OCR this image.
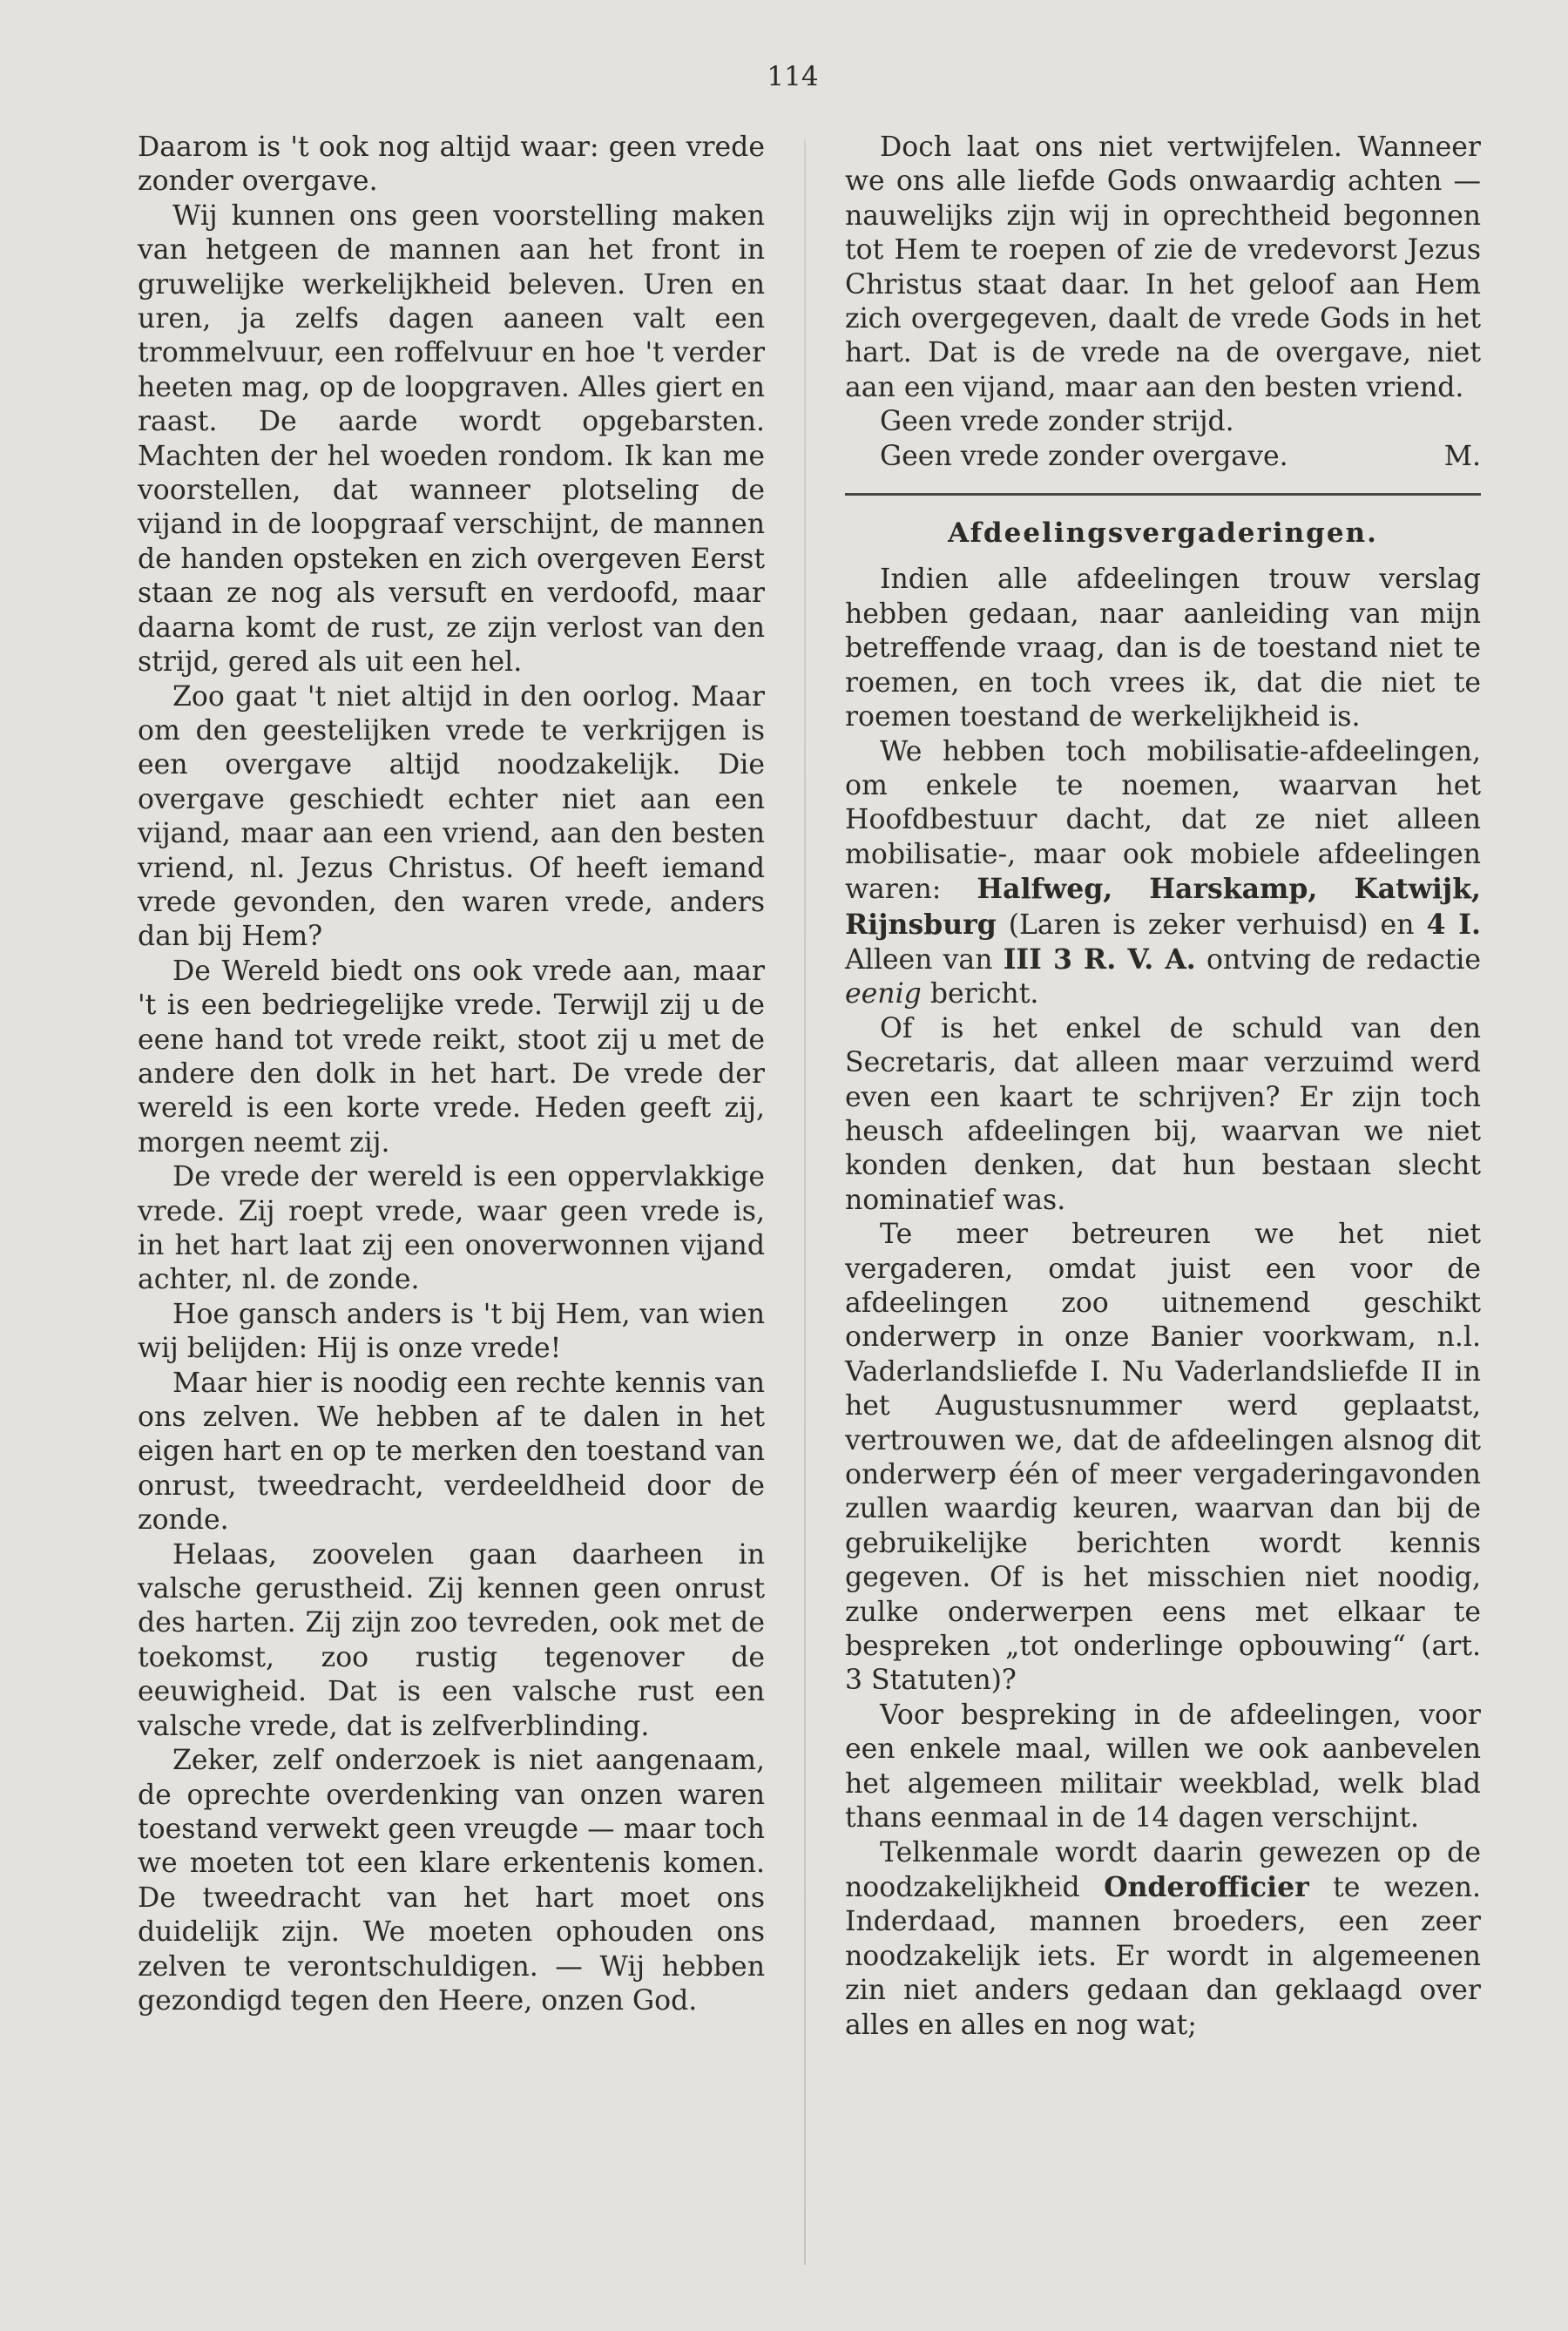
114

Daarom is 't ook nog altijd waar: geen vrede zonder overgave.

Wij kunnen ons geen voorstelling maken van hetgeen de mannen aan het front in gruwelijke werkelijkheid beleven. Uren en uren, ja zelfs dagen aaneen valt een trommelvuur, een roffelvuur en hoe 't verder heeten mag, op de loopgraven. Alles giert en raast. De aarde wordt opgebarsten. Machten der hel woeden rondom. Ik kan me voorstellen, dat wanneer plotseling de vijand in de loopgraaf verschijnt, de mannen de handen opsteken en zich overgeven Eerst staan ze nog als versuft en verdoofd, maar daarna komt de rust, ze zijn verlost van den strijd, gered als uit een hel.

Zoo gaat 't niet altijd in den oorlog. Maar om den geestelijken vrede te verkrijgen is een overgave altijd noodzakelijk. Die overgave geschiedt echter niet aan een vijand, maar aan een vriend, aan den besten vriend, nl. Jezus Christus. Of heeft iemand vrede gevonden, den waren vrede, anders dan bij Hem?

De Wereld biedt ons ook vrede aan, maar 't is een bedriegelijke vrede. Terwijl zij u de eene hand tot vrede reikt, stoot zij u met de andere den dolk in het hart. De vrede der wereld is een korte vrede. Heden geeft zij, morgen neemt zij.

De vrede der wereld is een oppervlakkige vrede. Zij roept vrede, waar geen vrede is, in het hart laat zij een onoverwonnen vijand achter, nl. de zonde.

Hoe gansch anders is 't bij Hem, van wien wij belijden: Hij is onze vrede!

Maar hier is noodig een rechte kennis van ons zelven. We hebben af te dalen in het eigen hart en op te merken den toestand van onrust, tweedracht, verdeeldheid door de zonde.

Helaas, zoovelen gaan daarheen in valsche gerustheid. Zij kennen geen onrust des harten. Zij zijn zoo tevreden, ook met de toekomst, zoo rustig tegenover de eeuwigheid. Dat is een valsche rust een valsche vrede, dat is zelfverblinding.

Zeker, zelf onderzoek is niet aangenaam, de oprechte overdenking van onzen waren toestand verwekt geen vreugde — maar toch we moeten tot een klare erkentenis komen. De tweedracht van het hart moet ons duidelijk zijn. We moeten ophouden ons zelven te verontschuldigen. — Wij hebben gezondigd tegen den Heere, onzen God.

Doch laat ons niet vertwijfelen. Wanneer we ons alle liefde Gods onwaardig achten — nauwelijks zijn wij in oprechtheid begonnen tot Hem te roepen of zie de vredevorst Jezus Christus staat daar. In het geloof aan Hem zich overgegeven, daalt de vrede Gods in het hart. Dat is de vrede na de overgave, niet aan een vijand, maar aan den besten vriend.

Geen vrede zonder strijd.

Geen vrede zonder overgave.	M.
Afdeelingsvergaderingen.

Indien alle afdeelingen trouw verslag hebben gedaan, naar aanleiding van mijn betreffende vraag, dan is de toestand niet te roemen, en toch vrees ik, dat die niet te roemen toestand de werkelijkheid is.

We hebben toch mobilisatie-afdeelingen, om enkele te noemen, waarvan het Hoofdbestuur dacht, dat ze niet alleen mobilisatie-, maar ook mobiele afdeelingen waren: Halfweg, Harskamp, Katwijk, Rijnsburg (Laren is zeker verhuisd) en 4 I. Alleen van III 3 R. V. A. ontving de redactie eenig bericht.

Of is het enkel de schuld van den Secretaris, dat alleen maar verzuimd werd even een kaart te schrijven? Er zijn toch heusch afdeelingen bij, waarvan we niet konden denken, dat hun bestaan slecht nominatief was.

Te meer betreuren we het niet vergaderen, omdat juist een voor de afdeelingen zoo uitnemend geschikt onderwerp in onze Banier voorkwam, n.l. Vaderlandsliefde I. Nu Vaderlandsliefde II in het Augustusnummer werd geplaatst, vertrouwen we, dat de afdeelingen alsnog dit onderwerp één of meer vergaderingavonden zullen waardig keuren, waarvan dan bij de gebruikelijke berichten wordt kennis gegeven. Of is het misschien niet noodig, zulke onderwerpen eens met elkaar te bespreken „tot onderlinge opbouwing“ (art. 3 Statuten)?

Voor bespreking in de afdeelingen, voor een enkele maal, willen we ook aanbevelen het algemeen militair weekblad, welk blad thans eenmaal in de 14 dagen verschijnt.

Telkenmale wordt daarin gewezen op de noodzakelijkheid Onderofficier te wezen. Inderdaad, mannen broeders, een zeer noodzakelijk iets. Er wordt in algemeenen zin niet anders gedaan dan geklaagd over alles en alles en nog wat;
